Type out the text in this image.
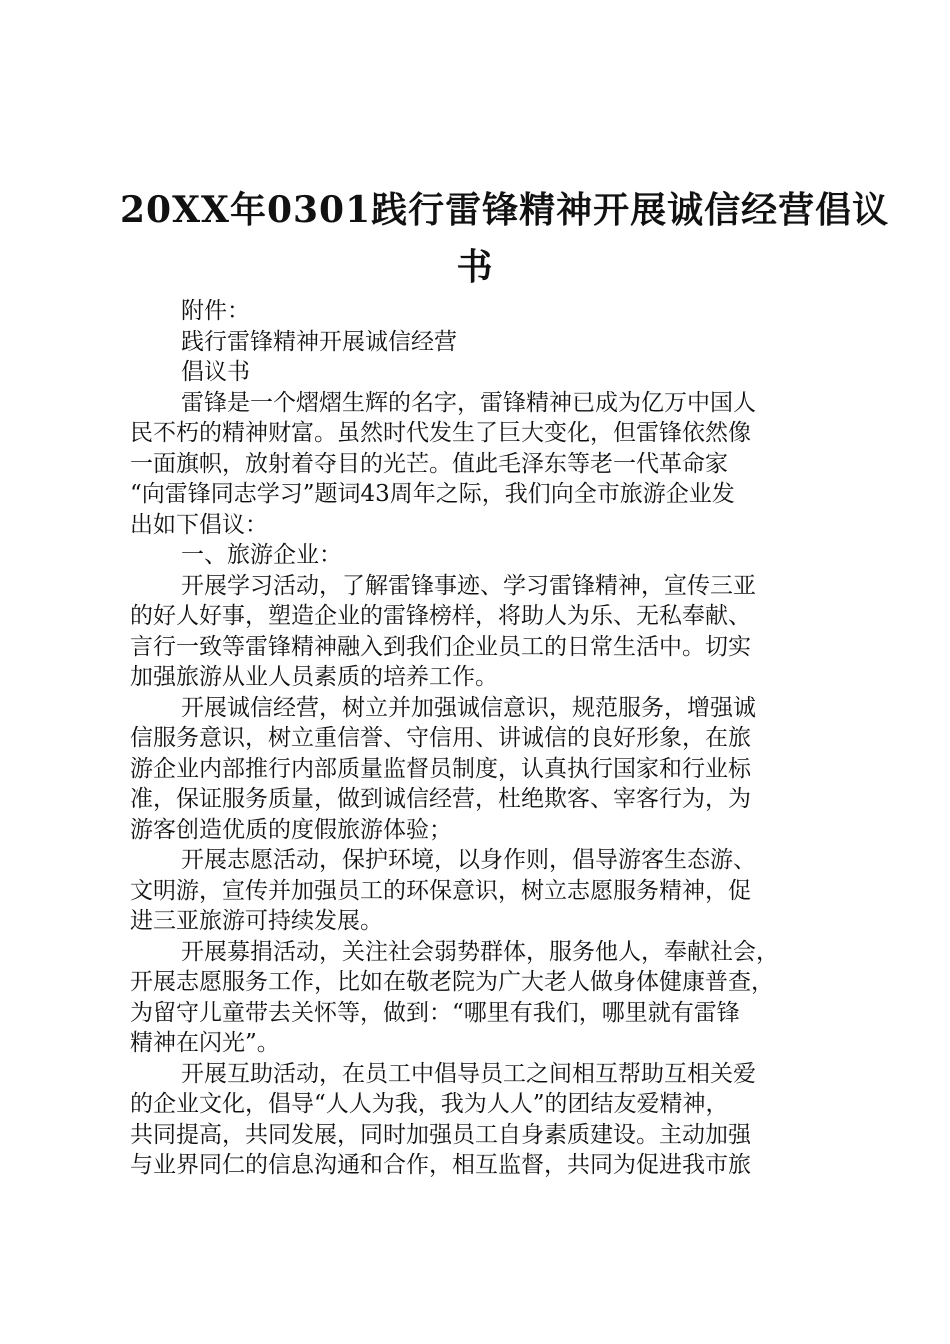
20XX年0301践行雷锋精神开展诚信经营倡议
书
附件：
践行雷锋精神开展诚信经营
倡议书
雷锋是一个熠熠生辉的名字，雷锋精神已成为亿万中国人
民不朽的精神财富。虽然时代发生了巨大变化，但雷锋依然像
一面旗帜，放射着夺目的光芒。值此毛泽东等老一代革命家
“向雷锋同志学习”题词43周年之际，我们向全市旅游企业发
出如下倡议：
一、旅游企业：
开展学习活动，了解雷锋事迹、学习雷锋精神，宣传三亚
的好人好事，塑造企业的雷锋榜样，将助人为乐、无私奉献、
言行一致等雷锋精神融入到我们企业员工的日常生活中。切实
加强旅游从业人员素质的培养工作。
开展诚信经营，树立并加强诚信意识，规范服务，增强诚
信服务意识，树立重信誉、守信用、讲诚信的良好形象，在旅
游企业内部推行内部质量监督员制度，认真执行国家和行业标
准，保证服务质量，做到诚信经营，杜绝欺客、宰客行为，为
游客创造优质的度假旅游体验；
开展志愿活动，保护环境，以身作则，倡导游客生态游、
文明游，宣传并加强员工的环保意识，树立志愿服务精神，促
进三亚旅游可持续发展。
开展募捐活动，关注社会弱势群体，服务他人，奉献社会，
开展志愿服务工作，比如在敬老院为广大老人做身体健康普查，
为留守儿童带去关怀等，做到：“哪里有我们，哪里就有雷锋
精神在闪光”。
开展互助活动，在员工中倡导员工之间相互帮助互相关爱
的企业文化，倡导“人人为我，我为人人”的团结友爱精神，
共同提高，共同发展，同时加强员工自身素质建设。主动加强
与业界同仁的信息沟通和合作，相互监督，共同为促进我市旅
